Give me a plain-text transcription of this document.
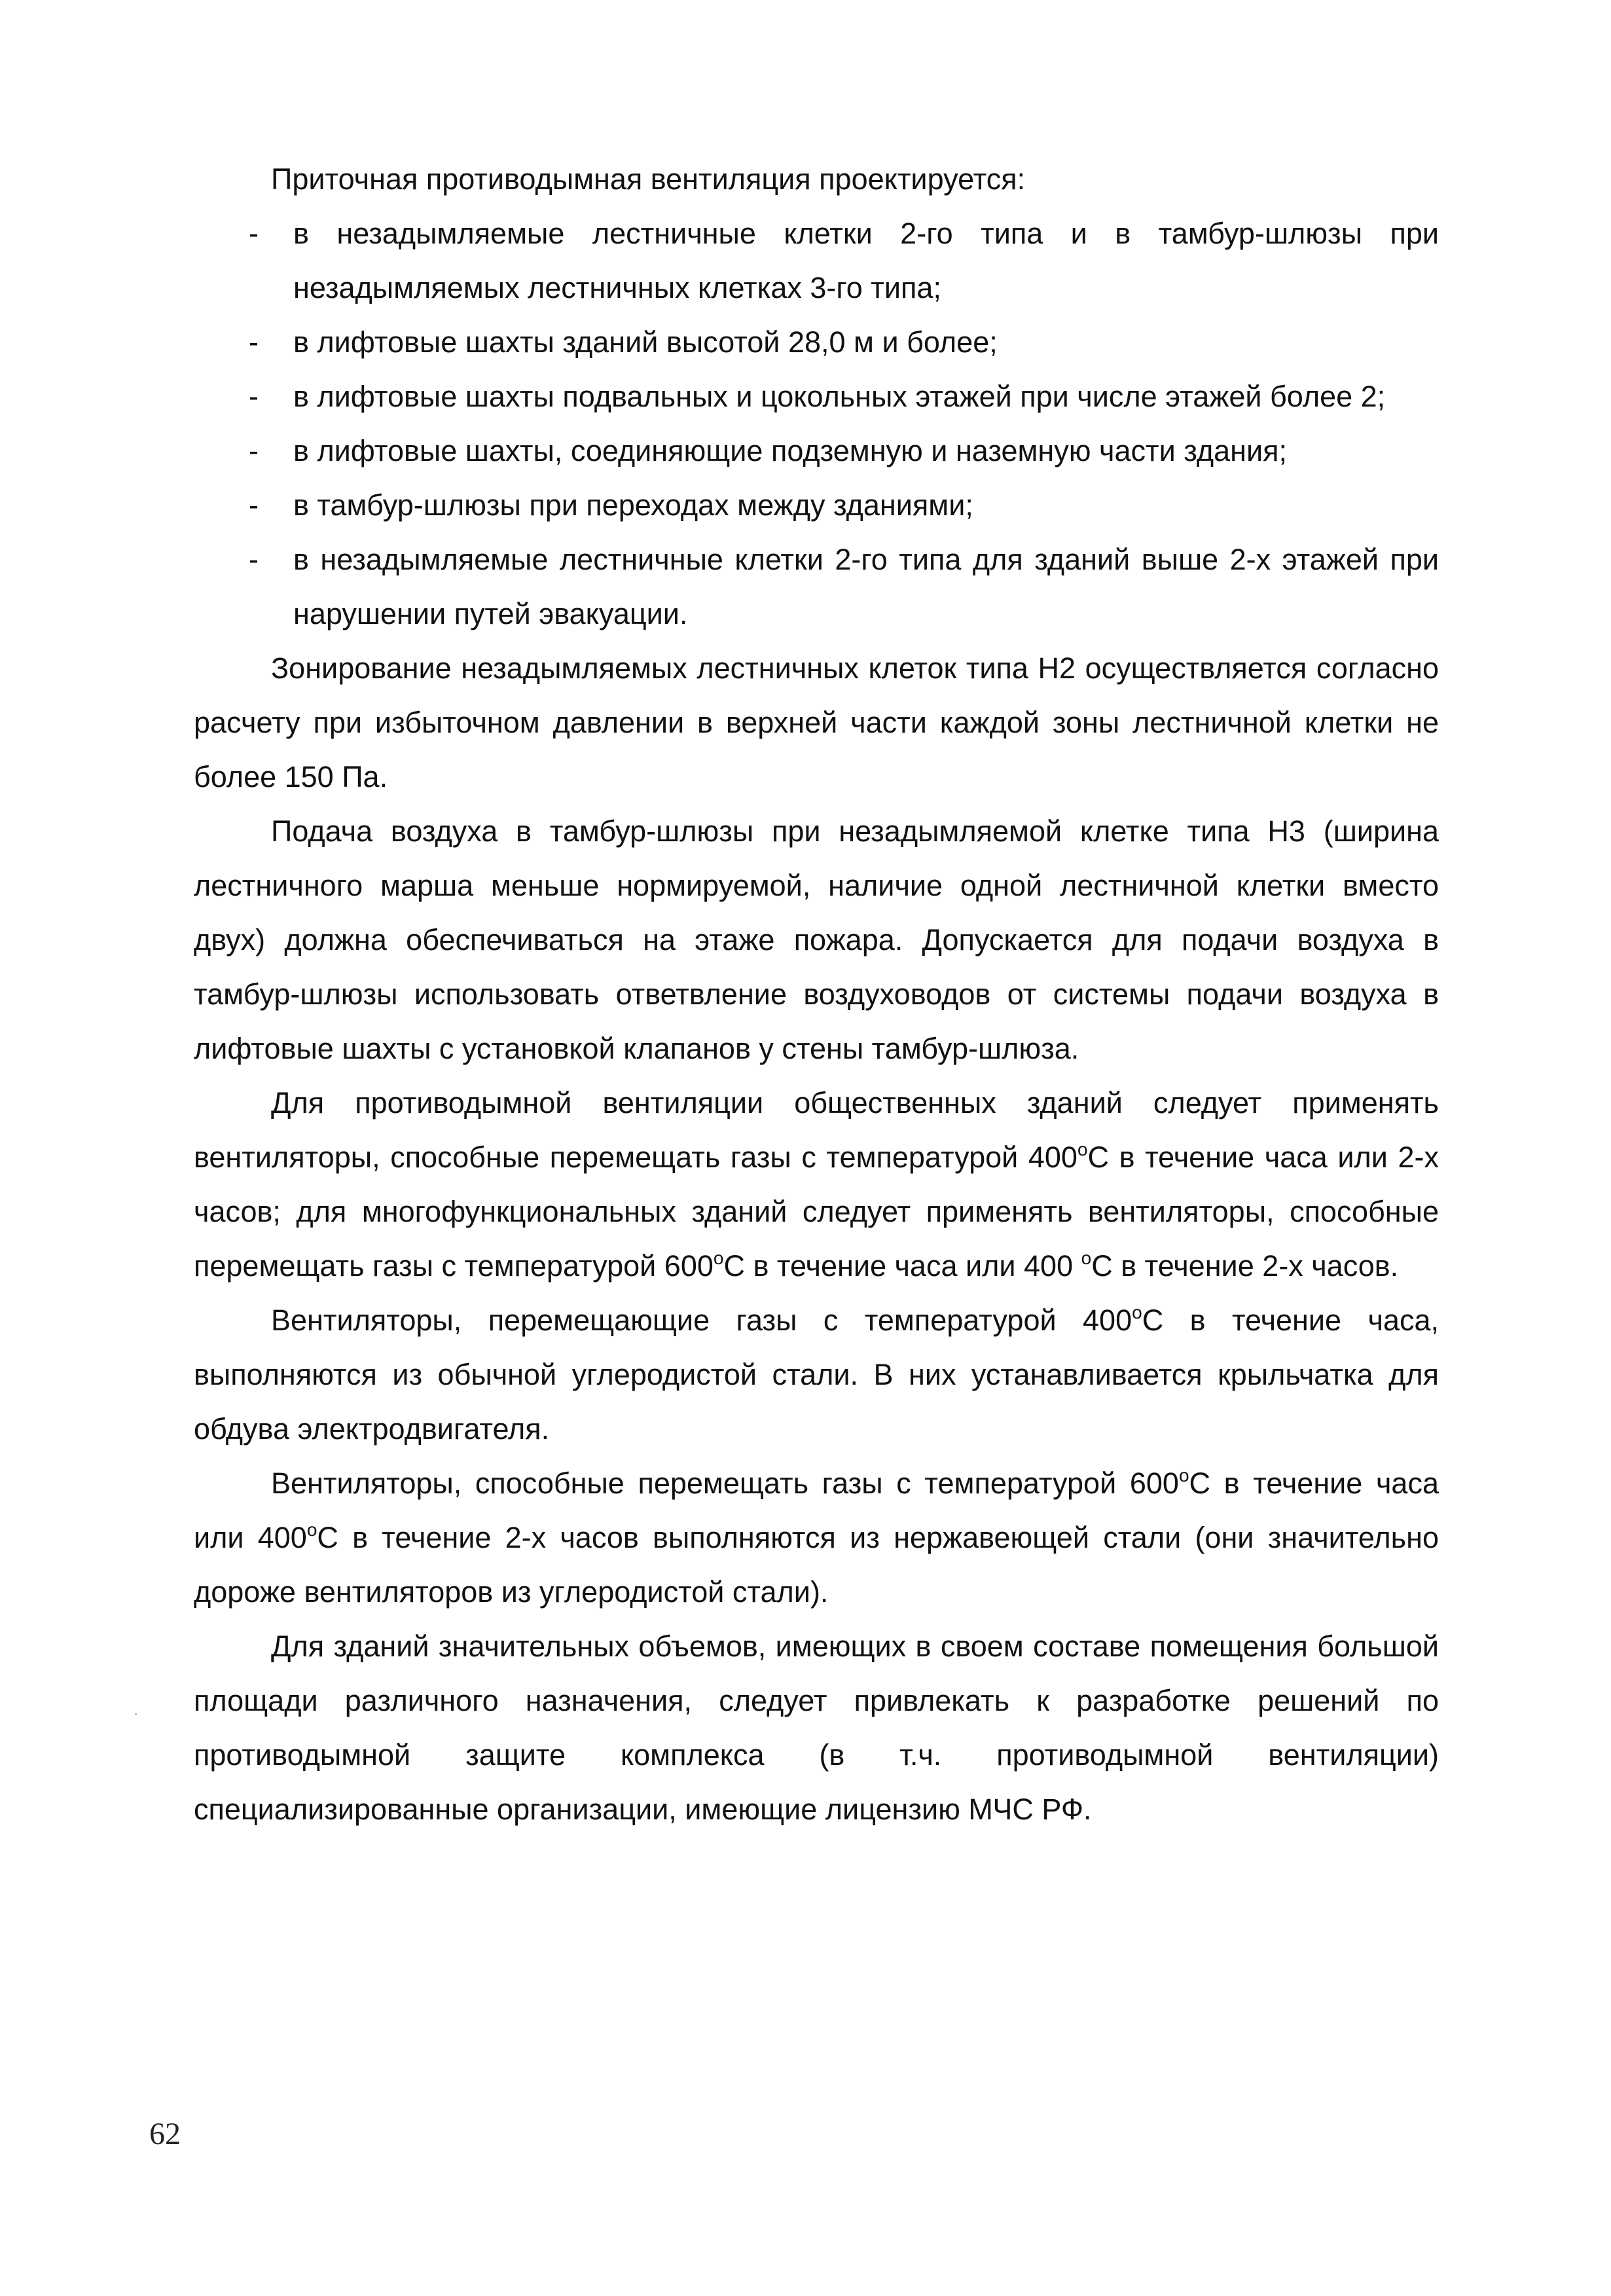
Приточная противодымная вентиляция проектируется:

- в незадымляемые лестничные клетки 2-го типа и в тамбур-шлюзы при незадымляемых лестничных клетках 3-го типа;
- в лифтовые шахты зданий высотой 28,0 м и более;
- в лифтовые шахты подвальных и цокольных этажей при числе этажей более 2;
- в лифтовые шахты, соединяющие подземную и наземную части здания;
- в тамбур-шлюзы при переходах между зданиями;
- в незадымляемые лестничные клетки 2-го типа для зданий выше 2-х этажей при нарушении путей эвакуации.

Зонирование незадымляемых лестничных клеток типа Н2 осуществляется согласно расчету при избыточном давлении в верхней части каждой зоны лестничной клетки не более 150 Па.

Подача воздуха в тамбур-шлюзы при незадымляемой клетке типа Н3 (ширина лестничного марша меньше нормируемой, наличие одной лестничной клетки вместо двух) должна обеспечиваться на этаже пожара. Допускается для подачи воздуха в тамбур-шлюзы использовать ответвление воздуховодов от системы подачи воздуха в лифтовые шахты с установкой клапанов у стены тамбур-шлюза.

Для противодымной вентиляции общественных зданий следует применять вентиляторы, способные перемещать газы с температурой 400$^o$С в течение часа или 2-х часов; для многофункциональных зданий следует применять вентиляторы, способные перемещать газы с температурой 600$^o$С в течение часа или 400 $^o$С в течение 2-х часов.

Вентиляторы, перемещающие газы с температурой 400$^o$С в течение часа, выполняются из обычной углеродистой стали. В них устанавливается крыльчатка для обдува электродвигателя.

Вентиляторы, способные перемещать газы с температурой 600$^o$С в течение часа или 400$^o$С в течение 2-х часов выполняются из нержавеющей стали (они значительно дороже вентиляторов из углеродистой стали).

Для зданий значительных объемов, имеющих в своем составе помещения большой площади различного назначения, следует привлекать к разработке решений по противодымной защите комплекса (в т.ч. противодымной вентиляции) специализированные организации, имеющие лицензию МЧС РФ.

62
